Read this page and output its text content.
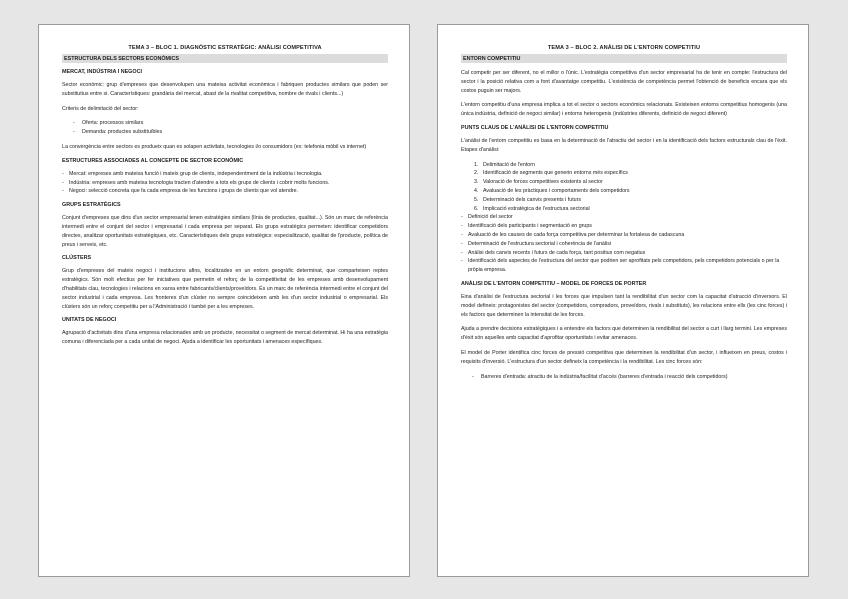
TEMA 3 – BLOC 1. DIAGNÒSTIC ESTRATÈGIC: ANÀLISI COMPETITIVA
ESTRUCTURA DELS SECTORS ECONÒMICS
MERCAT, INDÚSTRIA I NEGOCI
Sector econòmic: grup d'empreses que desenvolupen una mateixa activitat econòmica i fabriquen productes similars que poden ser substitutius entre si. Característiques: grandària del mercat, abast de la rivalitat competitiva, nombre de rivals i clients...)
Criteris de delimitació del sector:
- Oferta: processos similars
- Demanda: productes substituïbles
La convergència entre sectors es produeix quan es solapen activitats, tecnologies i/o consumidors (ex: telefonia mòbil vs internet)
ESTRUCTURES ASSOCIADES AL CONCEPTE DE SECTOR ECONÒMIC
- Mercat: empreses amb mateixa funció i mateix grup de clients, independentment de la indústria i tecnologia.
- Indústria: empreses amb mateixa tecnologia tracten d'atendre a tots els grups de clients i cobrir molts funcions.
- Negoci: selecció concreta que fa cada empresa de les funcions i grups de clients que vol atendre.
GRUPS ESTRATÈGICS
Conjunt d'empreses que dins d'un sector empresarial tenen estratègies similars (línia de productes, qualitat...). Són un marc de referència intermedi entre el conjunt del sector i empresarial i cada empresa per separat. Els grups estratègics permeten: identificar competidors directes, analitzar oportunitats estratègiques, etc. Característiques dels grups estratègics: especialització, qualitat de l'producte, política de preus i serveis, etc.
CLÚSTERS
Grup d'empreses del mateix negoci i institucions afins, localitzades en un entorn geogràfic determinat, que comparteixen reptes estratègics. Són molt efectius per fer iniciatives que permetin el reforç de la competitivitat de les empreses amb desenvolupament d'habilitats clau, tecnologies i relacions en xarxa entre fabricants/clients/proveïdors. És un marc de referència intermedi entre el conjunt del sector industrial i cada empresa. Les fronteres d'un clúster no sempre coincideixen amb les d'un sector industrial o empresarial. Els clústers són un reforç competitiu per a l'Administració i també per a les empreses.
UNITATS DE NEGOCI
Agrupació d'activitats dins d'una empresa relacionades amb un producte, necessitat o segment de mercat determinat. Hi ha una estratègia comuna i diferenciada per a cada unitat de negoci. Ajuda a identificar les oportunitats i amenaces específiques.
TEMA 3 – BLOC 2. ANÀLISI DE L'ENTORN COMPETITIU
ENTORN COMPETITIU
Cal competir per ser diferent, no el millor o l'únic. L'estratègia competitiva d'un sector empresarial ha de tenir en compte: l'estructura del sector i la posició relativa com a font d'avantatge competitiu. L'existència de competència permet l'obtenció de beneficis encara que els costos puguin ser majors.
L'entorn competitiu d'una empresa implica a tot el sector o sectors econòmics relacionats. Existeixen entorns competitius homogenis (una única indústria, definició de negoci similar) i entorns heterogenis (indústries diferents, definició de negoci diferent)
PUNTS CLAUS DE L'ANÀLISI DE L'ENTORN COMPETITIU
L'anàlisi de l'entorn competitiu es basa en la determinació de l'atractiu del sector i en la identificació dels factors estructurals clau de l'èxit. Etapes d'anàlisi:
1. Delimitació de l'entorn
2. Identificació de segments que generin entorns més específics
3. Valoració de forces competitives existents al sector
4. Avaluació de les pràctiques i comportaments dels competidors
5. Determinació dels canvis presents i futurs
6. Implicació estratègica de l'estructura sectorial
- Definició del sector
- Identificació dels participants i segmentació en grups
- Avaluació de les causes de cada força competitiva per determinar la fortalesa de cadascuna
- Determinació de l'estructura sectorial i coherència de l'anàlisi
- Anàlisi dels canvis recents i futurs de cada força, tant positius com negatius
- Identificació dels aspectes de l'estructura del sector que podrien ser aprofitats pels competidors, pels competidors potencials o per la pròpia empresa.
ANÀLISI DE L'ENTORN COMPETITIU – MODEL DE FORCES DE PORTER
Eina d'anàlisi de l'estructura sectorial i les forces que impulsen tant la rendibilitat d'un sector com la capacitat d'atracció d'inversors. El model defineix: protagonistes del sector (competidors, compradors, proveïdors, rivals i substituts), les relacions entre ells (les cinc forces) i els factors que determinen la intensitat de les forces.
Ajuda a prendre decisions estratègiques i a entendre els factors que determinen la rendibilitat del sector a curt i llarg termini. Les empreses d'èxit són aquelles amb capacitat d'aprofitar oportunitats i evitar amenaces.
El model de Porter identifica cinc forces de pressió competitiva que determinen la rendibilitat d'un sector, i influeixen en preus, costos i requisits d'inversió. L'estructura d'un sector defineix la competència i la rendibilitat. Les cinc forces són:
- Barreres d'entrada: atractiu de la indústria/facilitat d'accés (barreres d'entrada i reacció dels competidors)
